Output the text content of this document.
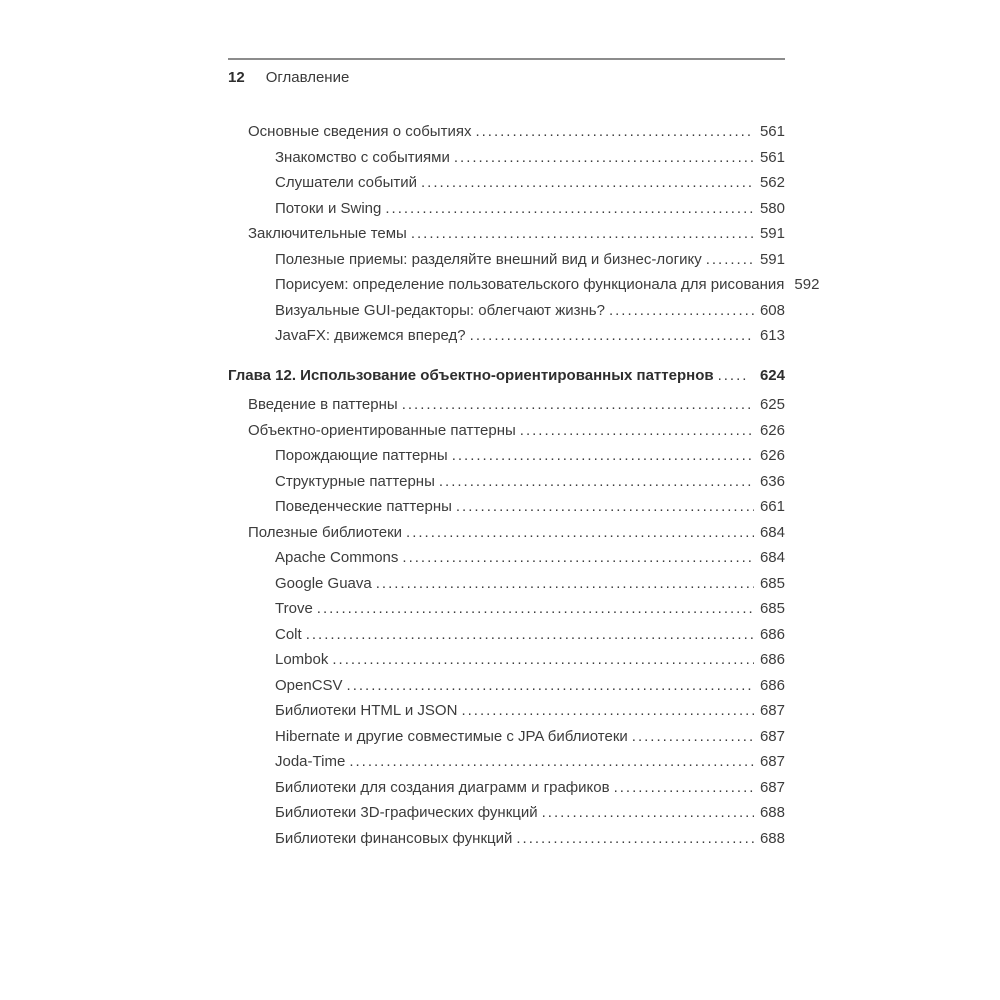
12 Оглавление
Основные сведения о событиях .....	561
Знакомство с событиями .....	561
Слушатели событий .....	562
Потоки и Swing .....	580
Заключительные темы .....	591
Полезные приемы: разделяйте внешний вид и бизнес-логику .....	591
Порисуем: определение пользовательского функционала для рисования 592
Визуальные GUI-редакторы: облегчают жизнь? .....	608
JavaFX: движемся вперед? .....	613
Глава 12. Использование объектно-ориентированных паттернов .....	624
Введение в паттерны .....	625
Объектно-ориентированные паттерны .....	626
Порождающие паттерны .....	626
Структурные паттерны .....	636
Поведенческие паттерны .....	661
Полезные библиотеки .....	684
Apache Commons .....	684
Google Guava .....	685
Trove .....	685
Colt .....	686
Lombok .....	686
OpenCSV .....	686
Библиотеки HTML и JSON .....	687
Hibernate и другие совместимые с JPA библиотеки .....	687
Joda-Time .....	687
Библиотеки для создания диаграмм и графиков .....	687
Библиотеки 3D-графических функций .....	688
Библиотеки финансовых функций .....	688
